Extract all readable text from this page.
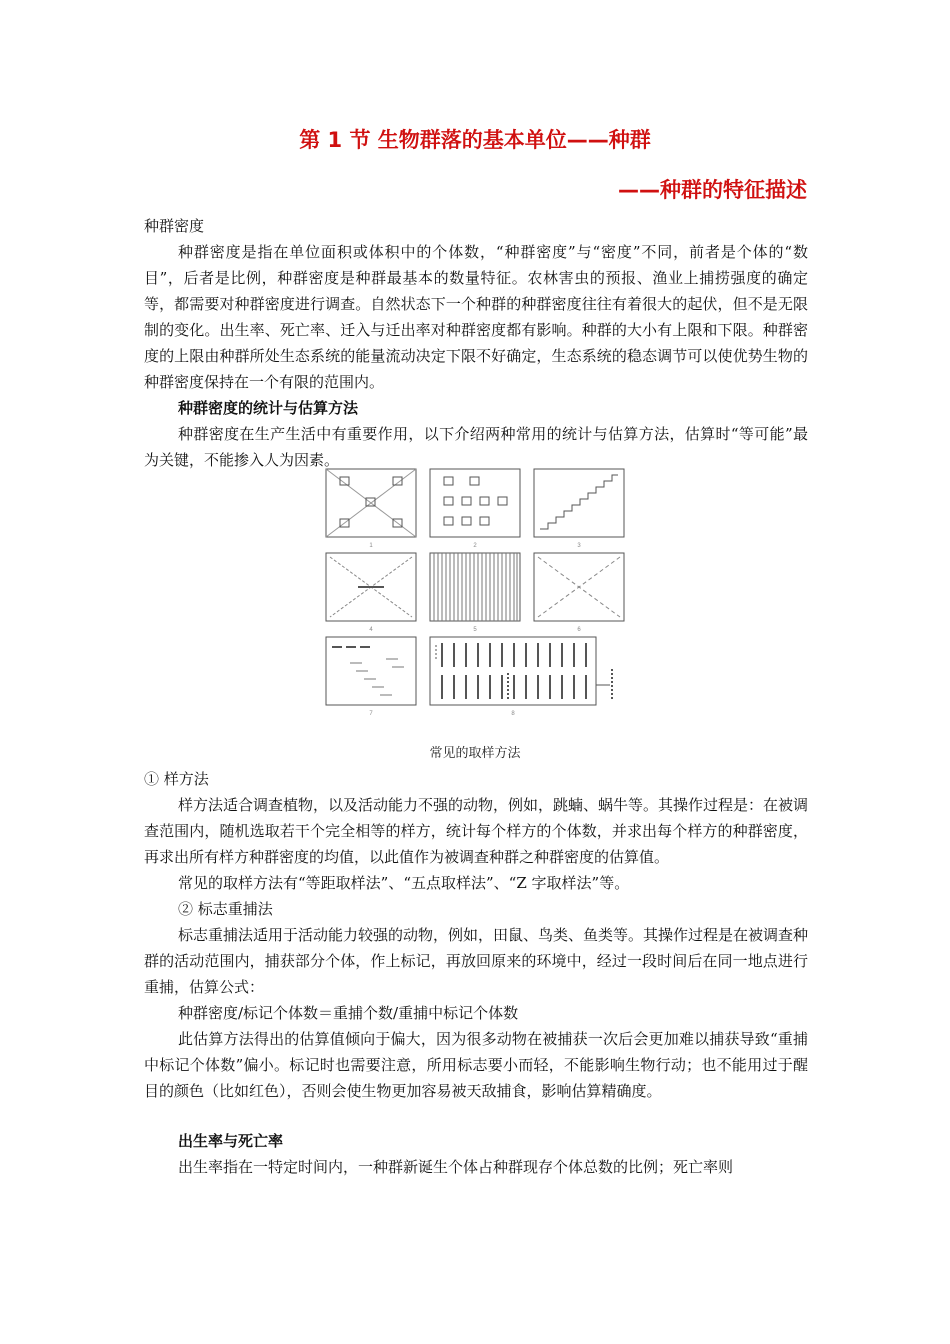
第 1 节 生物群落的基本单位——种群
——种群的特征描述

种群密度

种群密度是指在单位面积或体积中的个体数，“种群密度”与“密度”不同，前者是个体的“数目”，后者是比例，种群密度是种群最基本的数量特征。农林害虫的预报、渔业上捕捞强度的确定等，都需要对种群密度进行调查。自然状态下一个种群的种群密度往往有着很大的起伏，但不是无限制的变化。出生率、死亡率、迁入与迁出率对种群密度都有影响。种群的大小有上限和下限。种群密度的上限由种群所处生态系统的能量流动决定下限不好确定，生态系统的稳态调节可以使优势生物的种群密度保持在一个有限的范围内。

种群密度的统计与估算方法

种群密度在生产生活中有重要作用，以下介绍两种常用的统计与估算方法，估算时“等可能”最为关键，不能掺入人为因素。

1	2	3
4	5	6
7	8

常见的取样方法

① 样方法

样方法适合调查植物，以及活动能力不强的动物，例如，跳蝻、蜗牛等。其操作过程是：在被调查范围内，随机选取若干个完全相等的样方，统计每个样方的个体数，并求出每个样方的种群密度，再求出所有样方种群密度的均值，以此值作为被调查种群之种群密度的估算值。

常见的取样方法有“等距取样法”、“五点取样法”、“Z 字取样法”等。

② 标志重捕法

标志重捕法适用于活动能力较强的动物，例如，田鼠、鸟类、鱼类等。其操作过程是在被调查种群的活动范围内，捕获部分个体，作上标记，再放回原来的环境中，经过一段时间后在同一地点进行重捕，估算公式：

种群密度/标记个体数＝重捕个数/重捕中标记个体数

此估算方法得出的估算值倾向于偏大，因为很多动物在被捕获一次后会更加难以捕获导致“重捕中标记个体数”偏小。标记时也需要注意，所用标志要小而轻，不能影响生物行动；也不能用过于醒目的颜色（比如红色），否则会使生物更加容易被天敌捕食，影响估算精确度。

出生率与死亡率

出生率指在一特定时间内，一种群新诞生个体占种群现存个体总数的比例；死亡率则
